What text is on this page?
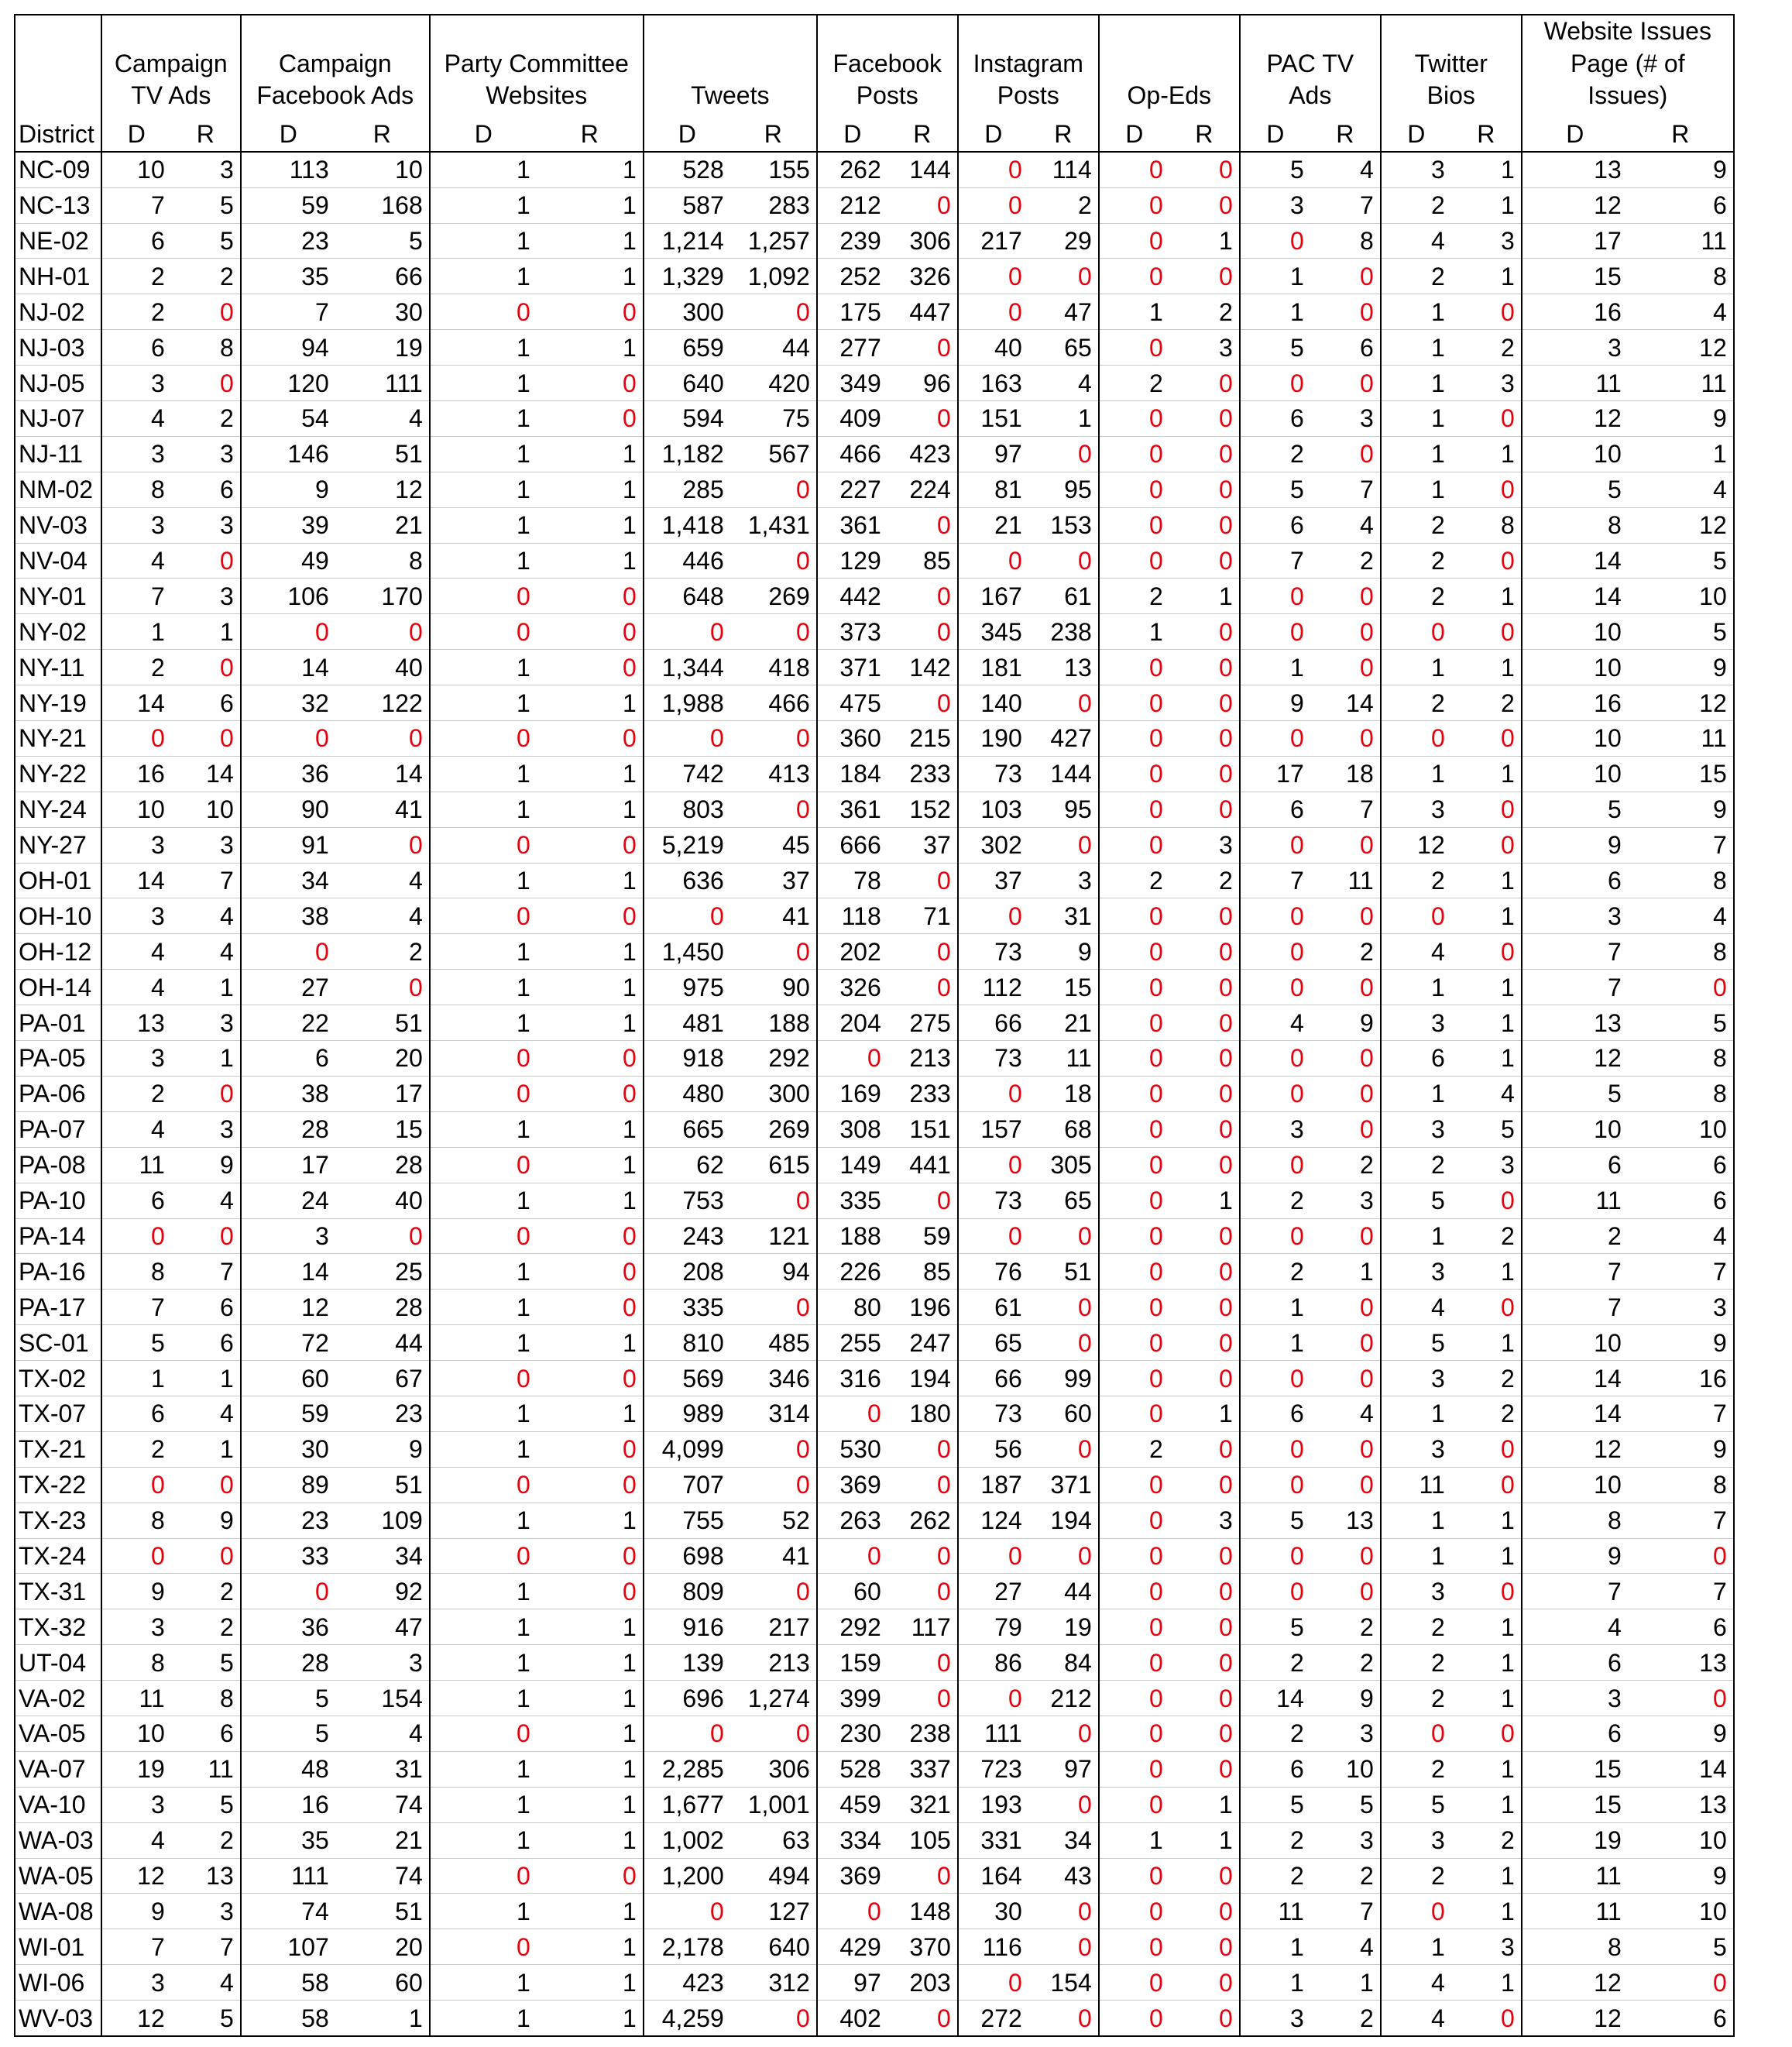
	Campaign TV Ads		Campaign Facebook Ads		Party Committee Websites		Tweets		Facebook Posts		Instagram Posts		Op-Eds		PAC TV Ads		Twitter Bios		Website Issues Page (# of Issues)	
District	D	R	D	R	D	R	D	R	D	R	D	R	D	R	D	R	D	R	D	R
NC-09	10	3	113	10	1	1	528	155	262	144	0	114	0	0	5	4	3	1	13	9
NC-13	7	5	59	168	1	1	587	283	212	0	0	2	0	0	3	7	2	1	12	6
NE-02	6	5	23	5	1	1	1,214	1,257	239	306	217	29	0	1	0	8	4	3	17	11
NH-01	2	2	35	66	1	1	1,329	1,092	252	326	0	0	0	0	1	0	2	1	15	8
NJ-02	2	0	7	30	0	0	300	0	175	447	0	47	1	2	1	0	1	0	16	4
NJ-03	6	8	94	19	1	1	659	44	277	0	40	65	0	3	5	6	1	2	3	12
NJ-05	3	0	120	111	1	0	640	420	349	96	163	4	2	0	0	0	1	3	11	11
NJ-07	4	2	54	4	1	0	594	75	409	0	151	1	0	0	6	3	1	0	12	9
NJ-11	3	3	146	51	1	1	1,182	567	466	423	97	0	0	0	2	0	1	1	10	1
NM-02	8	6	9	12	1	1	285	0	227	224	81	95	0	0	5	7	1	0	5	4
NV-03	3	3	39	21	1	1	1,418	1,431	361	0	21	153	0	0	6	4	2	8	8	12
NV-04	4	0	49	8	1	1	446	0	129	85	0	0	0	0	7	2	2	0	14	5
NY-01	7	3	106	170	0	0	648	269	442	0	167	61	2	1	0	0	2	1	14	10
NY-02	1	1	0	0	0	0	0	0	373	0	345	238	1	0	0	0	0	0	10	5
NY-11	2	0	14	40	1	0	1,344	418	371	142	181	13	0	0	1	0	1	1	10	9
NY-19	14	6	32	122	1	1	1,988	466	475	0	140	0	0	0	9	14	2	2	16	12
NY-21	0	0	0	0	0	0	0	0	360	215	190	427	0	0	0	0	0	0	10	11
NY-22	16	14	36	14	1	1	742	413	184	233	73	144	0	0	17	18	1	1	10	15
NY-24	10	10	90	41	1	1	803	0	361	152	103	95	0	0	6	7	3	0	5	9
NY-27	3	3	91	0	0	0	5,219	45	666	37	302	0	0	3	0	0	12	0	9	7
OH-01	14	7	34	4	1	1	636	37	78	0	37	3	2	2	7	11	2	1	6	8
OH-10	3	4	38	4	0	0	0	41	118	71	0	31	0	0	0	0	0	1	3	4
OH-12	4	4	0	2	1	1	1,450	0	202	0	73	9	0	0	0	2	4	0	7	8
OH-14	4	1	27	0	1	1	975	90	326	0	112	15	0	0	0	0	1	1	7	0
PA-01	13	3	22	51	1	1	481	188	204	275	66	21	0	0	4	9	3	1	13	5
PA-05	3	1	6	20	0	0	918	292	0	213	73	11	0	0	0	0	6	1	12	8
PA-06	2	0	38	17	0	0	480	300	169	233	0	18	0	0	0	0	1	4	5	8
PA-07	4	3	28	15	1	1	665	269	308	151	157	68	0	0	3	0	3	5	10	10
PA-08	11	9	17	28	0	1	62	615	149	441	0	305	0	0	0	2	2	3	6	6
PA-10	6	4	24	40	1	1	753	0	335	0	73	65	0	1	2	3	5	0	11	6
PA-14	0	0	3	0	0	0	243	121	188	59	0	0	0	0	0	0	1	2	2	4
PA-16	8	7	14	25	1	0	208	94	226	85	76	51	0	0	2	1	3	1	7	7
PA-17	7	6	12	28	1	0	335	0	80	196	61	0	0	0	1	0	4	0	7	3
SC-01	5	6	72	44	1	1	810	485	255	247	65	0	0	0	1	0	5	1	10	9
TX-02	1	1	60	67	0	0	569	346	316	194	66	99	0	0	0	0	3	2	14	16
TX-07	6	4	59	23	1	1	989	314	0	180	73	60	0	1	6	4	1	2	14	7
TX-21	2	1	30	9	1	0	4,099	0	530	0	56	0	2	0	0	0	3	0	12	9
TX-22	0	0	89	51	0	0	707	0	369	0	187	371	0	0	0	0	11	0	10	8
TX-23	8	9	23	109	1	1	755	52	263	262	124	194	0	3	5	13	1	1	8	7
TX-24	0	0	33	34	0	0	698	41	0	0	0	0	0	0	0	0	1	1	9	0
TX-31	9	2	0	92	1	0	809	0	60	0	27	44	0	0	0	0	3	0	7	7
TX-32	3	2	36	47	1	1	916	217	292	117	79	19	0	0	5	2	2	1	4	6
UT-04	8	5	28	3	1	1	139	213	159	0	86	84	0	0	2	2	2	1	6	13
VA-02	11	8	5	154	1	1	696	1,274	399	0	0	212	0	0	14	9	2	1	3	0
VA-05	10	6	5	4	0	1	0	0	230	238	111	0	0	0	2	3	0	0	6	9
VA-07	19	11	48	31	1	1	2,285	306	528	337	723	97	0	0	6	10	2	1	15	14
VA-10	3	5	16	74	1	1	1,677	1,001	459	321	193	0	0	1	5	5	5	1	15	13
WA-03	4	2	35	21	1	1	1,002	63	334	105	331	34	1	1	2	3	3	2	19	10
WA-05	12	13	111	74	0	0	1,200	494	369	0	164	43	0	0	2	2	2	1	11	9
WA-08	9	3	74	51	1	1	0	127	0	148	30	0	0	0	11	7	0	1	11	10
WI-01	7	7	107	20	0	1	2,178	640	429	370	116	0	0	0	1	4	1	3	8	5
WI-06	3	4	58	60	1	1	423	312	97	203	0	154	0	0	1	1	4	1	12	0
WV-03	12	5	58	1	1	1	4,259	0	402	0	272	0	0	0	3	2	4	0	12	6
